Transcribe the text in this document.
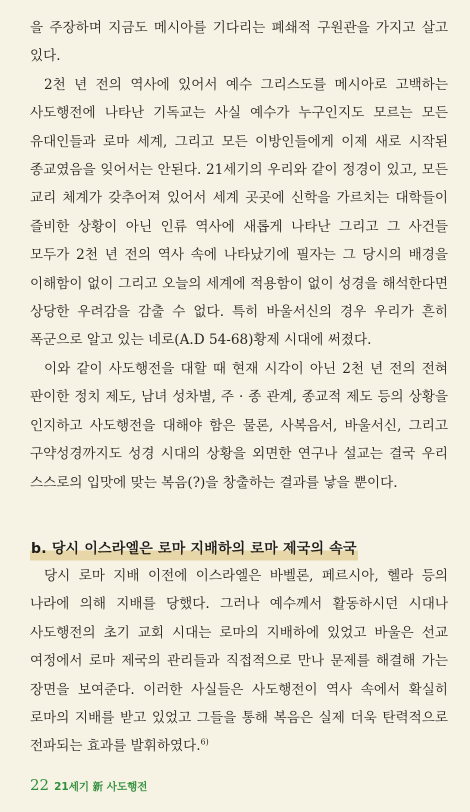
을 주장하며 지금도 메시아를 기다리는 폐쇄적 구원관을 가지고 살고 있다.

2천 년 전의 역사에 있어서 예수 그리스도를 메시아로 고백하는 사도행전에 나타난 기독교는 사실 예수가 누구인지도 모르는 모든 유대인들과 로마 세계, 그리고 모든 이방인들에게 이제 새로 시작된 종교였음을 잊어서는 안된다. 21세기의 우리와 같이 정경이 있고, 모든 교리 체계가 갖추어져 있어서 세계 곳곳에 신학을 가르치는 대학들이 즐비한 상황이 아닌 인류 역사에 새롭게 나타난 그리고 그 사건들 모두가 2천 년 전의 역사 속에 나타났기에 필자는 그 당시의 배경을 이해함이 없이 그리고 오늘의 세계에 적용함이 없이 성경을 해석한다면 상당한 우려감을 감출 수 없다. 특히 바울서신의 경우 우리가 흔히 폭군으로 알고 있는 네로(A.D 54-68)황제 시대에 써졌다.

이와 같이 사도행전을 대할 때 현재 시각이 아닌 2천 년 전의 전혀 판이한 정치 제도, 남녀 성차별, 주 · 종 관계, 종교적 제도 등의 상황을 인지하고 사도행전을 대해야 함은 물론, 사복음서, 바울서신, 그리고 구약성경까지도 성경 시대의 상황을 외면한 연구나 설교는 결국 우리 스스로의 입맛에 맞는 복음(?)을 창출하는 결과를 낳을 뿐이다.

b. 당시 이스라엘은 로마 지배하의 로마 제국의 속국

당시 로마 지배 이전에 이스라엘은 바벨론, 페르시아, 헬라 등의 나라에 의해 지배를 당했다. 그러나 예수께서 활동하시던 시대나 사도행전의 초기 교회 시대는 로마의 지배하에 있었고 바울은 선교 여정에서 로마 제국의 관리들과 직접적으로 만나 문제를 해결해 가는 장면을 보여준다. 이러한 사실들은 사도행전이 역사 속에서 확실히 로마의 지배를 받고 있었고 그들을 통해 복음은 실제 더욱 탄력적으로 전파되는 효과를 발휘하였다.$^{6)}$

22 21세기 新 사도행전
